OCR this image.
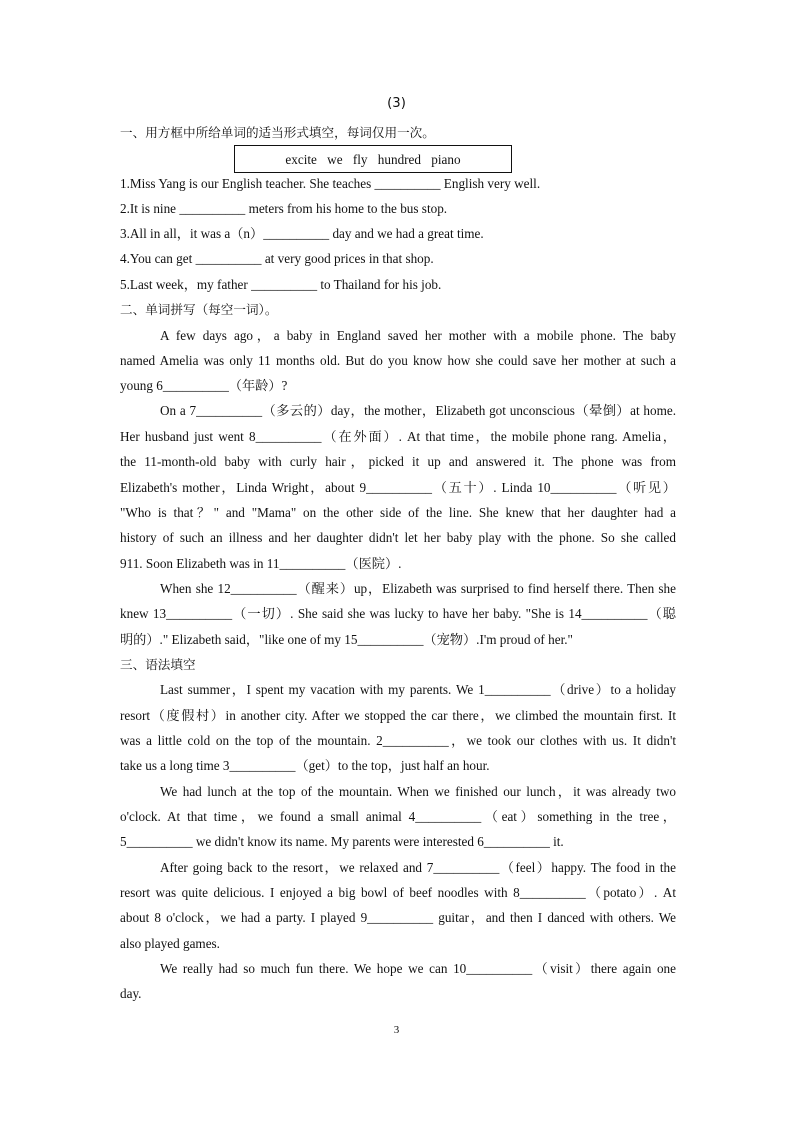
(3)
一、用方框中所给单词的适当形式填空，每词仅用一次。
excite we fly hundred piano
1.Miss Yang is our English teacher. She teaches __________ English very well.
2.It is nine __________ meters from his home to the bus stop.
3.All in all，it was a（n）__________ day and we had a great time.
4.You can get __________ at very good prices in that shop.
5.Last week，my father __________ to Thailand for his job.
二、单词拼写（每空一词）。
A few days ago，a baby in England saved her mother with a mobile phone. The baby
named Amelia was only 11 months old. But do you know how she could save her mother at such a
young 6__________（年龄）?
On a 7__________（多云的）day，the mother，Elizabeth got unconscious（晕倒）at home.
Her husband just went 8__________（在外面）. At that time，the mobile phone rang. Amelia，
the 11-month-old baby with curly hair，picked it up and answered it. The phone was from
Elizabeth's mother，Linda Wright，about 9__________（五十）. Linda 10__________（听见）
"Who is that？" and "Mama" on the other side of the line. She knew that her daughter had a
history of such an illness and her daughter didn't let her baby play with the phone. So she called
911. Soon Elizabeth was in 11__________（医院）.
When she 12__________（醒来）up，Elizabeth was surprised to find herself there. Then she
knew 13__________（一切）. She said she was lucky to have her baby. "She is 14__________（聪
明的）." Elizabeth said，"like one of my 15__________（宠物）.I'm proud of her."
三、语法填空
Last summer，I spent my vacation with my parents. We 1__________（drive）to a holiday
resort（度假村）in another city. After we stopped the car there，we climbed the mountain first. It
was a little cold on the top of the mountain. 2__________，we took our clothes with us. It didn't
take us a long time 3__________（get）to the top，just half an hour.
We had lunch at the top of the mountain. When we finished our lunch，it was already two
o'clock. At that time，we found a small animal 4__________（eat）something in the tree，
5__________ we didn't know its name. My parents were interested 6__________ it.
After going back to the resort，we relaxed and 7__________（feel）happy. The food in the
resort was quite delicious. I enjoyed a big bowl of beef noodles with 8__________（potato）. At
about 8 o'clock，we had a party. I played 9__________ guitar，and then I danced with others. We
also played games.
We really had so much fun there. We hope we can 10__________（visit）there again one
day.
3
